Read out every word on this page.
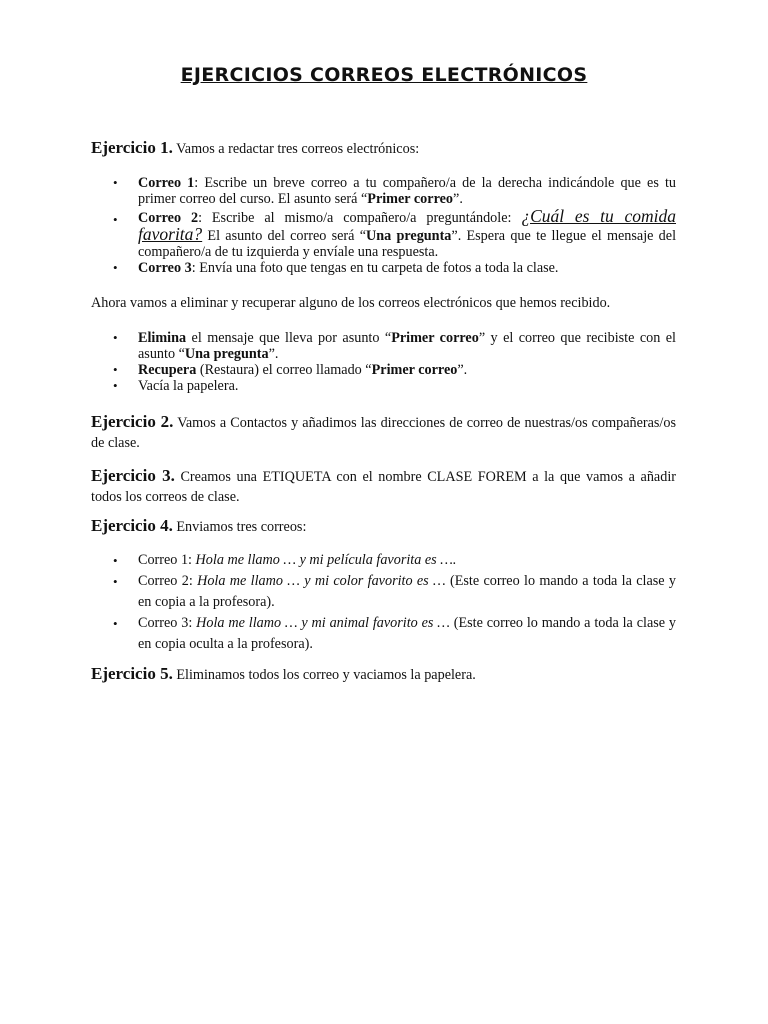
EJERCICIOS CORREOS ELECTRÓNICOS
Ejercicio 1. Vamos a redactar tres correos electrónicos:
• Correo 1: Escribe un breve correo a tu compañero/a de la derecha indicándole que es tu primer correo del curso. El asunto será “Primer correo”.
• Correo 2: Escribe al mismo/a compañero/a preguntándole: ¿Cuál es tu comida favorita? El asunto del correo será “Una pregunta”. Espera que te llegue el mensaje del compañero/a de tu izquierda y envíale una respuesta.
• Correo 3: Envía una foto que tengas en tu carpeta de fotos a toda la clase.
Ahora vamos a eliminar y recuperar alguno de los correos electrónicos que hemos recibido.
• Elimina el mensaje que lleva por asunto “Primer correo” y el correo que recibiste con el asunto “Una pregunta”.
• Recupera (Restaura) el correo llamado “Primer correo”.
• Vacía la papelera.
Ejercicio 2. Vamos a Contactos y añadimos las direcciones de correo de nuestras/os compañeras/os de clase.
Ejercicio 3. Creamos una ETIQUETA con el nombre CLASE FOREM a la que vamos a añadir todos los correos de clase.
Ejercicio 4. Enviamos tres correos:
• Correo 1: Hola me llamo … y mi película favorita es ….
• Correo 2: Hola me llamo … y mi color favorito es … (Este correo lo mando a toda la clase y en copia a la profesora).
• Correo 3: Hola me llamo … y mi animal favorito es … (Este correo lo mando a toda la clase y en copia oculta a la profesora).
Ejercicio 5. Eliminamos todos los correo y vaciamos la papelera.
